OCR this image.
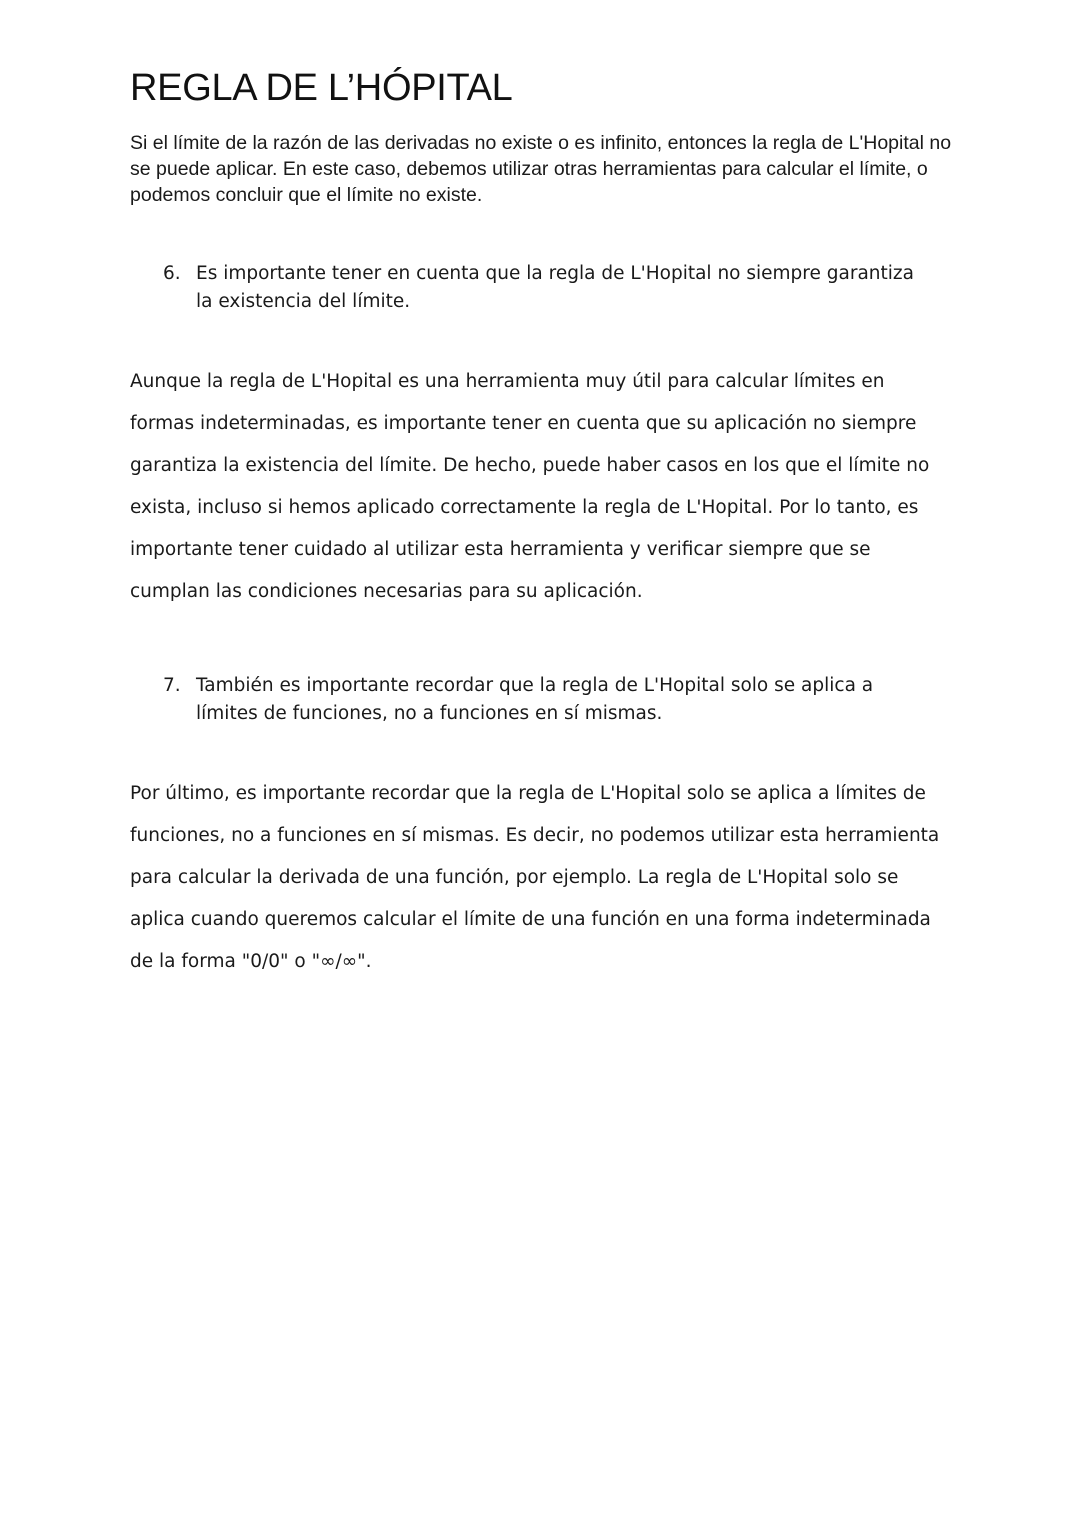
REGLA DE L’HÓPITAL

Si el límite de la razón de las derivadas no existe o es infinito, entonces la regla de L'Hopital no se puede aplicar. En este caso, debemos utilizar otras herramientas para calcular el límite, o podemos concluir que el límite no existe.

6. Es importante tener en cuenta que la regla de L'Hopital no siempre garantiza la existencia del límite.

Aunque la regla de L'Hopital es una herramienta muy útil para calcular límites en formas indeterminadas, es importante tener en cuenta que su aplicación no siempre garantiza la existencia del límite. De hecho, puede haber casos en los que el límite no exista, incluso si hemos aplicado correctamente la regla de L'Hopital. Por lo tanto, es importante tener cuidado al utilizar esta herramienta y verificar siempre que se cumplan las condiciones necesarias para su aplicación.

7. También es importante recordar que la regla de L'Hopital solo se aplica a límites de funciones, no a funciones en sí mismas.

Por último, es importante recordar que la regla de L'Hopital solo se aplica a límites de funciones, no a funciones en sí mismas. Es decir, no podemos utilizar esta herramienta para calcular la derivada de una función, por ejemplo. La regla de L'Hopital solo se aplica cuando queremos calcular el límite de una función en una forma indeterminada de la forma "0/0" o "∞/∞".
